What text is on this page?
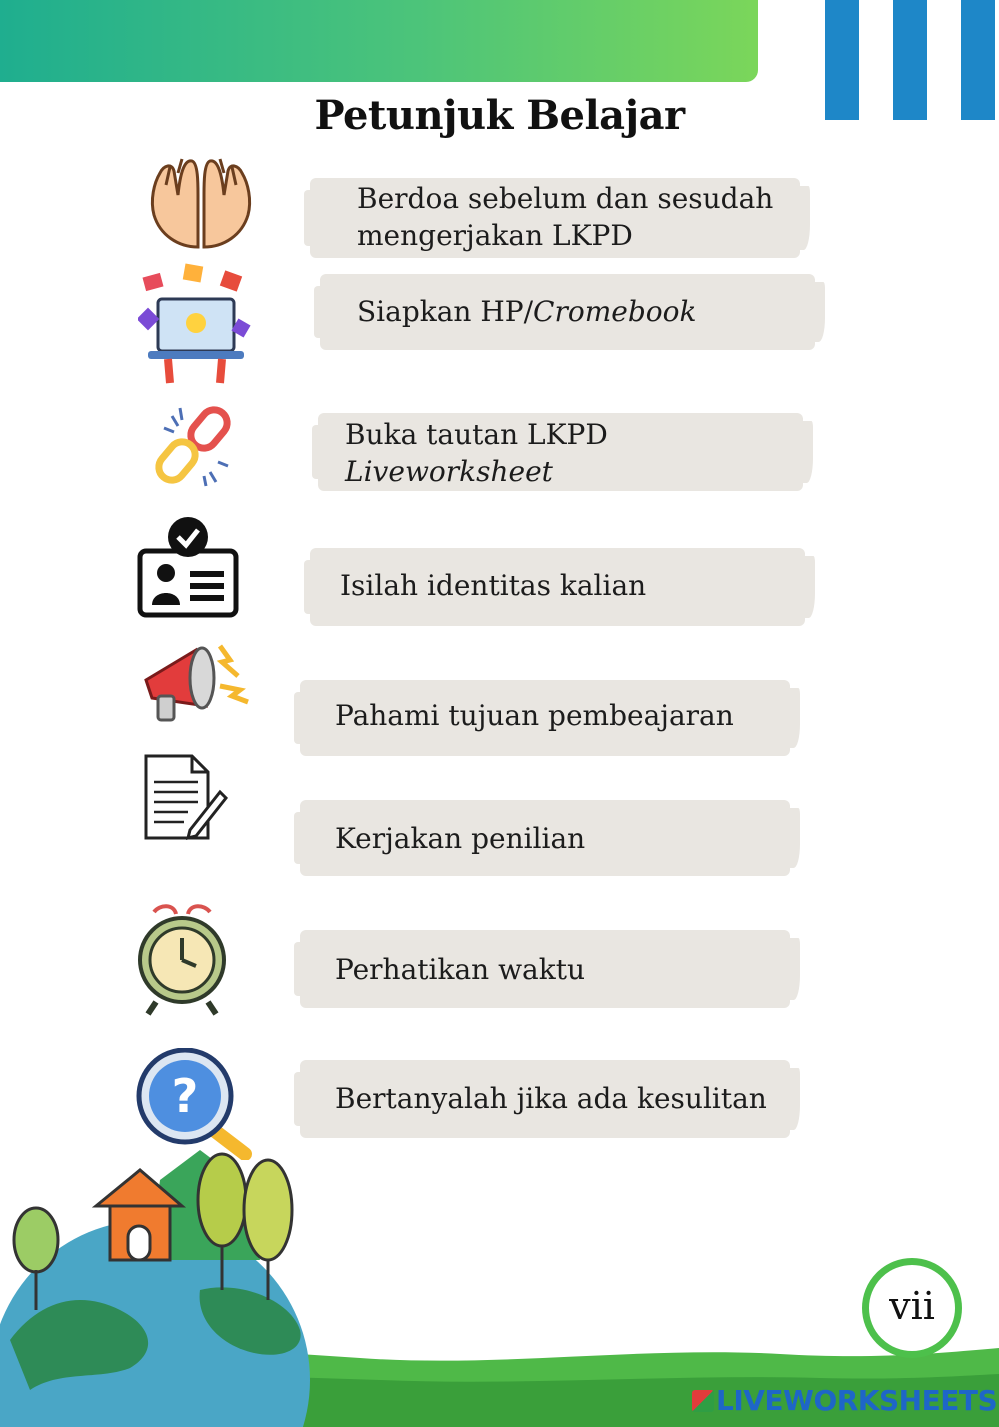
Petunjuk Belajar
Berdoa sebelum dan sesudah
mengerjakan LKPD
Siapkan HP/Cromebook
Buka tautan LKPD
Liveworksheet
Isilah identitas kalian
Pahami tujuan pembeajaran
Kerjakan penilian
Perhatikan waktu
?	Bertanyalah jika ada kesulitan
vii
LIVEWORKSHEETS
